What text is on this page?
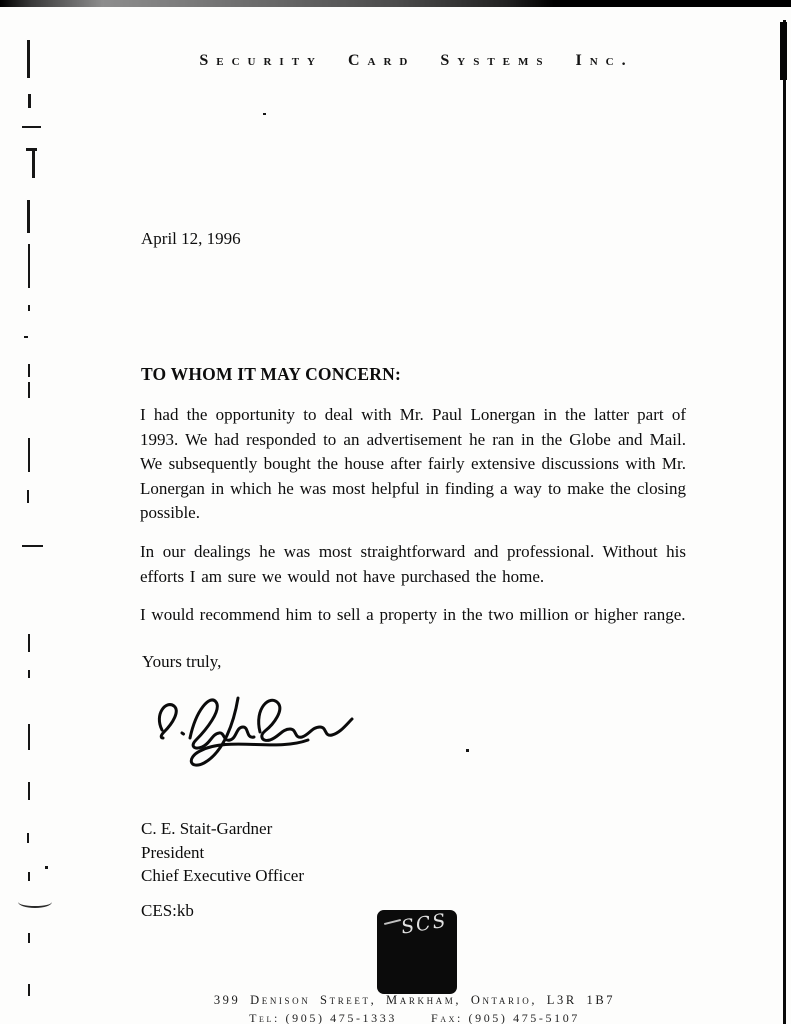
Security Card Systems Inc.
April 12, 1996
TO WHOM IT MAY CONCERN:

I had the opportunity to deal with Mr. Paul Lonergan in the latter part of 1993. We had responded to an advertisement he ran in the Globe and Mail. We subsequently bought the house after fairly extensive discussions with Mr. Lonergan in which he was most helpful in finding a way to make the closing possible.

In our dealings he was most straightforward and professional. Without his efforts I am sure we would not have purchased the home.

I would recommend him to sell a property in the two million or higher range.

Yours truly,
C. E. Stait-Gardner
President
Chief Executive Officer
CES:kb	SCS
399 Denison Street, Markham, Ontario, L3R 1B7
Tel: (905) 475-1333	Fax: (905) 475-5107
